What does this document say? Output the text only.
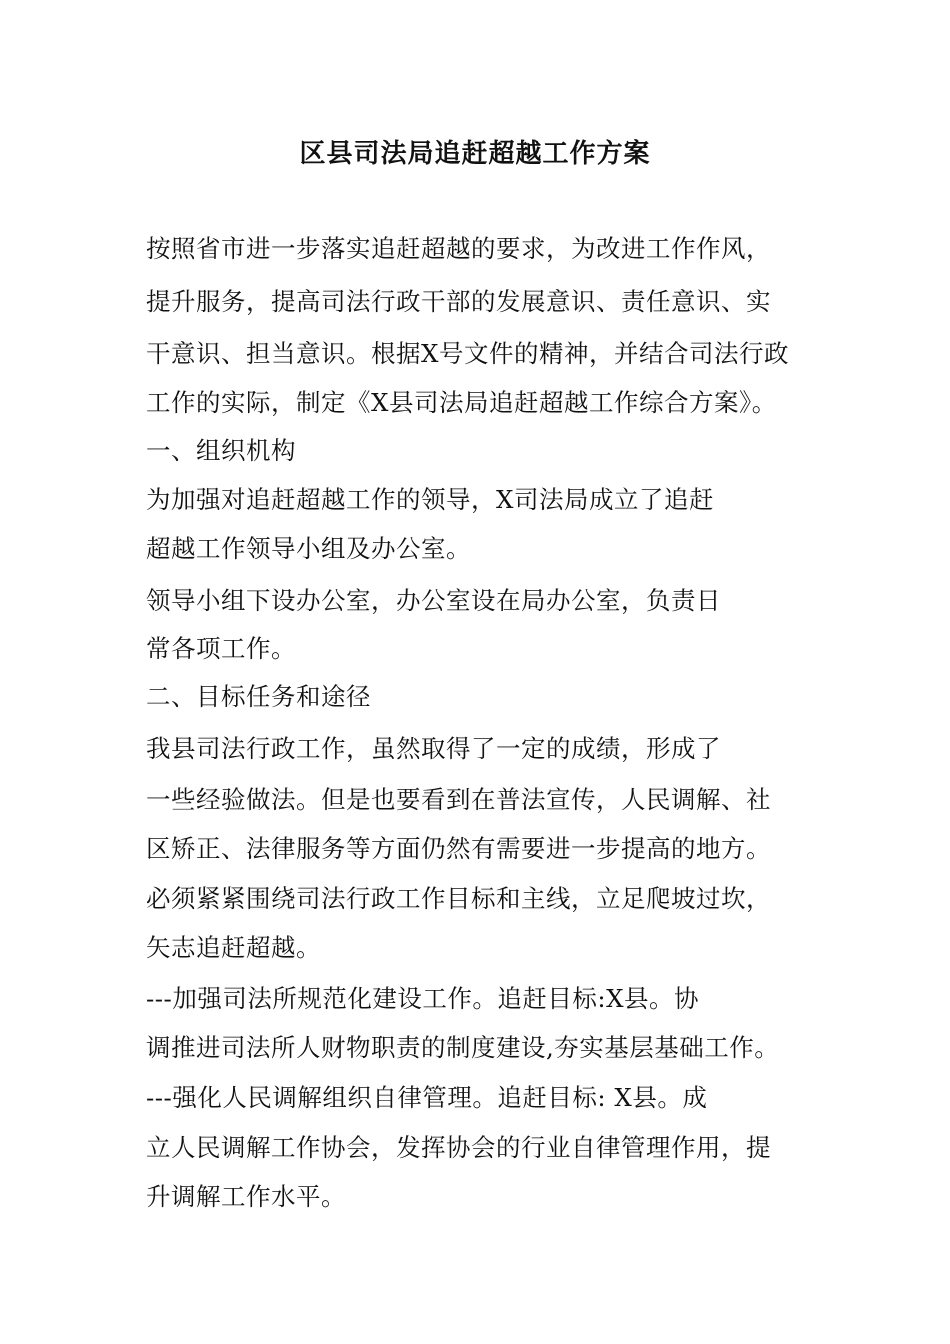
区县司法局追赶超越工作方案
按照省市进一步落实追赶超越的要求，为改进工作作风，
提升服务，提高司法行政干部的发展意识、责任意识、实
干意识、担当意识。根据X号文件的精神，并结合司法行政
工作的实际，制定《X县司法局追赶超越工作综合方案》。
一、组织机构
为加强对追赶超越工作的领导，X司法局成立了追赶
超越工作领导小组及办公室。
领导小组下设办公室，办公室设在局办公室，负责日
常各项工作。
二、目标任务和途径
我县司法行政工作，虽然取得了一定的成绩，形成了
一些经验做法。但是也要看到在普法宣传，人民调解、社
区矫正、法律服务等方面仍然有需要进一步提高的地方。
必须紧紧围绕司法行政工作目标和主线，立足爬坡过坎，
矢志追赶超越。
---加强司法所规范化建设工作。追赶目标:X县。协
调推进司法所人财物职责的制度建设,夯实基层基础工作。
---强化人民调解组织自律管理。追赶目标: X县。成
立人民调解工作协会，发挥协会的行业自律管理作用，提
升调解工作水平。
